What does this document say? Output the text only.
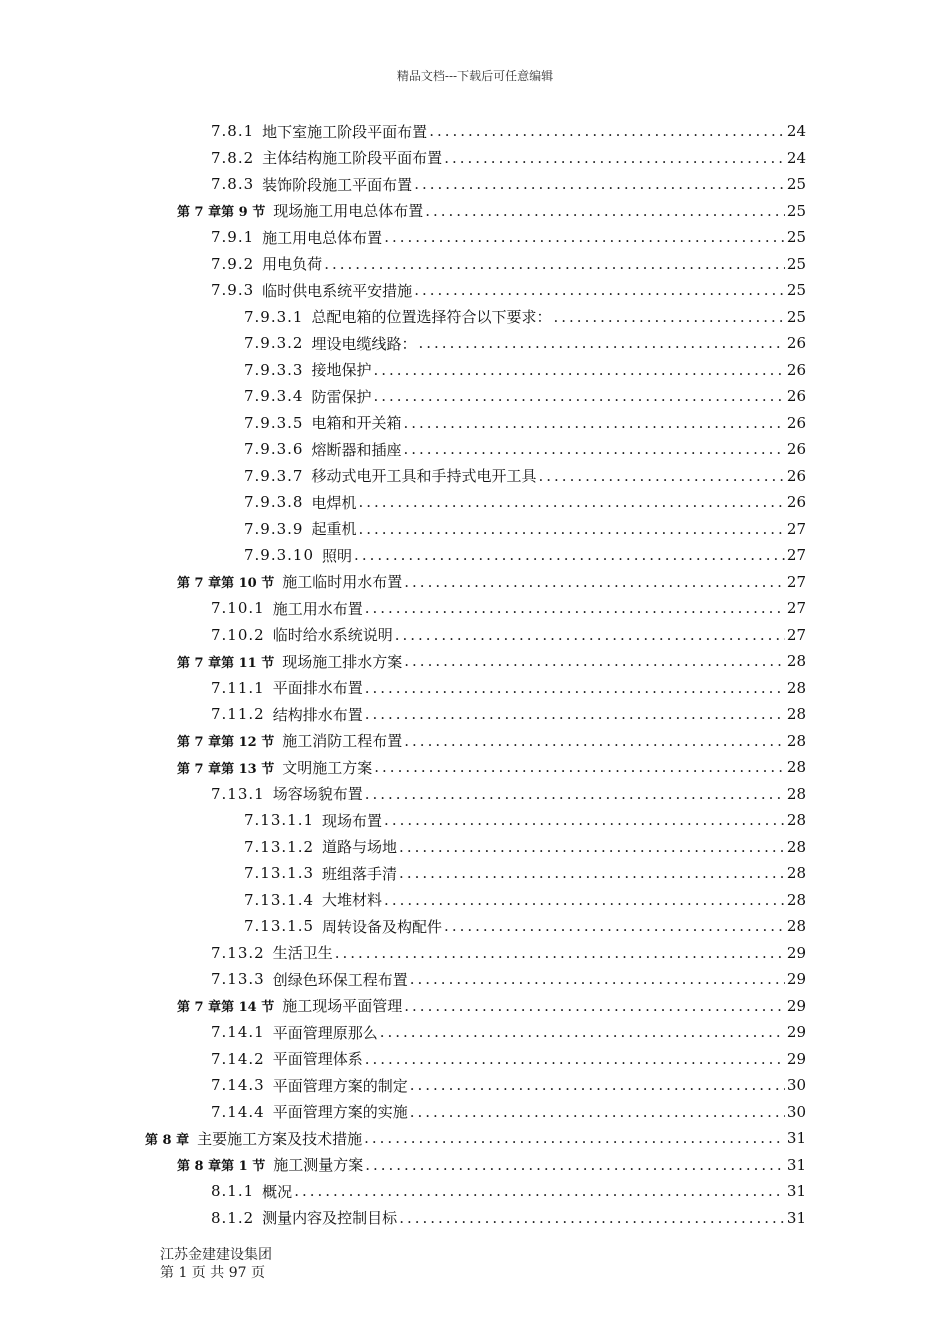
精品文档---下载后可任意编辑
7.8.1 地下室施工阶段平面布置 .....	24
7.8.2 主体结构施工阶段平面布置 .....	24
7.8.3 装饰阶段施工平面布置 .....	25
第 7 章第 9 节 现场施工用电总体布置 .....	25
7.9.1 施工用电总体布置 .....	25
7.9.2 用电负荷 .....	25
7.9.3 临时供电系统平安措施 .....	25
7.9.3.1 总配电箱的位置选择符合以下要求： .....	25
7.9.3.2 埋设电缆线路： .....	26
7.9.3.3 接地保护 .....	26
7.9.3.4 防雷保护 .....	26
7.9.3.5 电箱和开关箱 .....	26
7.9.3.6 熔断器和插座 .....	26
7.9.3.7 移动式电开工具和手持式电开工具 .....	26
7.9.3.8 电焊机 .....	26
7.9.3.9 起重机 .....	27
7.9.3.10 照明 .....	27
第 7 章第 10 节 施工临时用水布置 .....	27
7.10.1 施工用水布置 .....	27
7.10.2 临时给水系统说明 .....	27
第 7 章第 11 节 现场施工排水方案 .....	28
7.11.1 平面排水布置 .....	28
7.11.2 结构排水布置 .....	28
第 7 章第 12 节 施工消防工程布置 .....	28
第 7 章第 13 节 文明施工方案 .....	28
7.13.1 场容场貌布置 .....	28
7.13.1.1 现场布置 .....	28
7.13.1.2 道路与场地 .....	28
7.13.1.3 班组落手清 .....	28
7.13.1.4 大堆材料 .....	28
7.13.1.5 周转设备及构配件 .....	28
7.13.2 生活卫生 .....	29
7.13.3 创绿色环保工程布置 .....	29
第 7 章第 14 节 施工现场平面管理 .....	29
7.14.1 平面管理原那么 .....	29
7.14.2 平面管理体系 .....	29
7.14.3 平面管理方案的制定 .....	30
7.14.4 平面管理方案的实施 .....	30
第 8 章 主要施工方案及技术措施 .....	31
第 8 章第 1 节 施工测量方案 .....	31
8.1.1 概况 .....	31
8.1.2 测量内容及控制目标 .....	31
江苏金建建设集团
第 1 页 共 97 页
